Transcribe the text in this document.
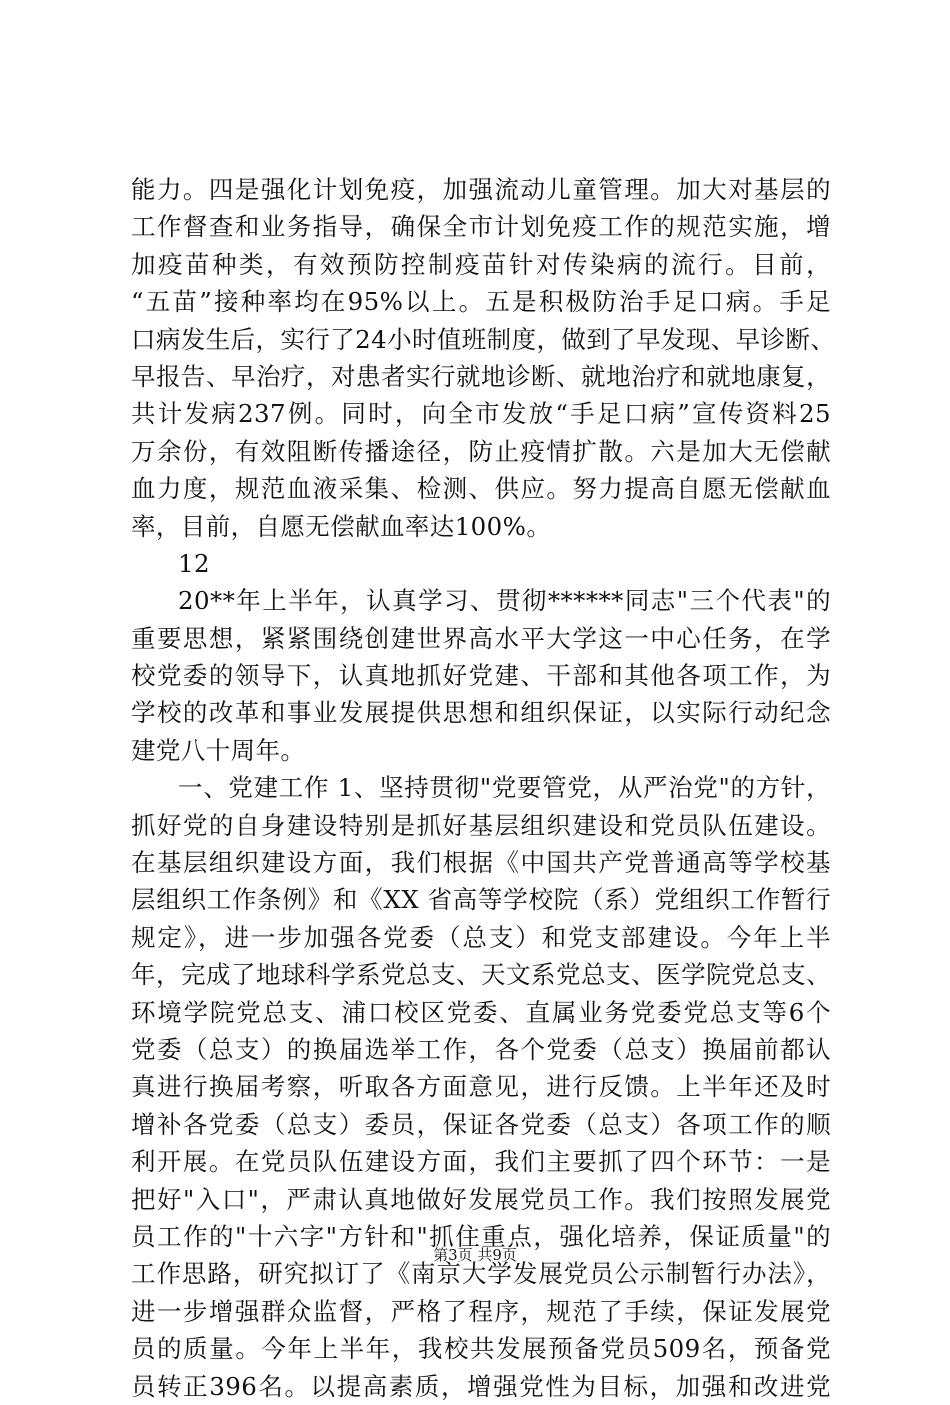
能力。四是强化计划免疫，加强流动儿童管理。加大对基层的
工作督查和业务指导，确保全市计划免疫工作的规范实施，增
加疫苗种类，有效预防控制疫苗针对传染病的流行。目前，
“五苗”接种率均在95%以上。五是积极防治手足口病。手足
口病发生后，实行了24小时值班制度，做到了早发现、早诊断、
早报告、早治疗，对患者实行就地诊断、就地治疗和就地康复，
共计发病237例。同时，向全市发放“手足口病”宣传资料25
万余份，有效阻断传播途径，防止疫情扩散。六是加大无偿献
血力度，规范血液采集、检测、供应。努力提高自愿无偿献血
率，目前，自愿无偿献血率达100%。
12
20**年上半年，认真学习、贯彻******同志"三个代表"的
重要思想，紧紧围绕创建世界高水平大学这一中心任务，在学
校党委的领导下，认真地抓好党建、干部和其他各项工作，为
学校的改革和事业发展提供思想和组织保证，以实际行动纪念
建党八十周年。
一、党建工作 1、坚持贯彻"党要管党，从严治党"的方针，
抓好党的自身建设特别是抓好基层组织建设和党员队伍建设。
在基层组织建设方面，我们根据《中国共产党普通高等学校基
层组织工作条例》和《XX 省高等学校院（系）党组织工作暂行
规定》，进一步加强各党委（总支）和党支部建设。今年上半
年，完成了地球科学系党总支、天文系党总支、医学院党总支、
环境学院党总支、浦口校区党委、直属业务党委党总支等6个
党委（总支）的换届选举工作，各个党委（总支）换届前都认
真进行换届考察，听取各方面意见，进行反馈。上半年还及时
增补各党委（总支）委员，保证各党委（总支）各项工作的顺
利开展。在党员队伍建设方面，我们主要抓了四个环节：一是
把好"入口"，严肃认真地做好发展党员工作。我们按照发展党
员工作的"十六字"方针和"抓住重点，强化培养，保证质量"的
工作思路，研究拟订了《南京大学发展党员公示制暂行办法》，
进一步增强群众监督，严格了程序，规范了手续，保证发展党
员的质量。今年上半年，我校共发展预备党员509名，预备党
员转正396名。以提高素质，增强党性为目标，加强和改进党
第3页 共9页
